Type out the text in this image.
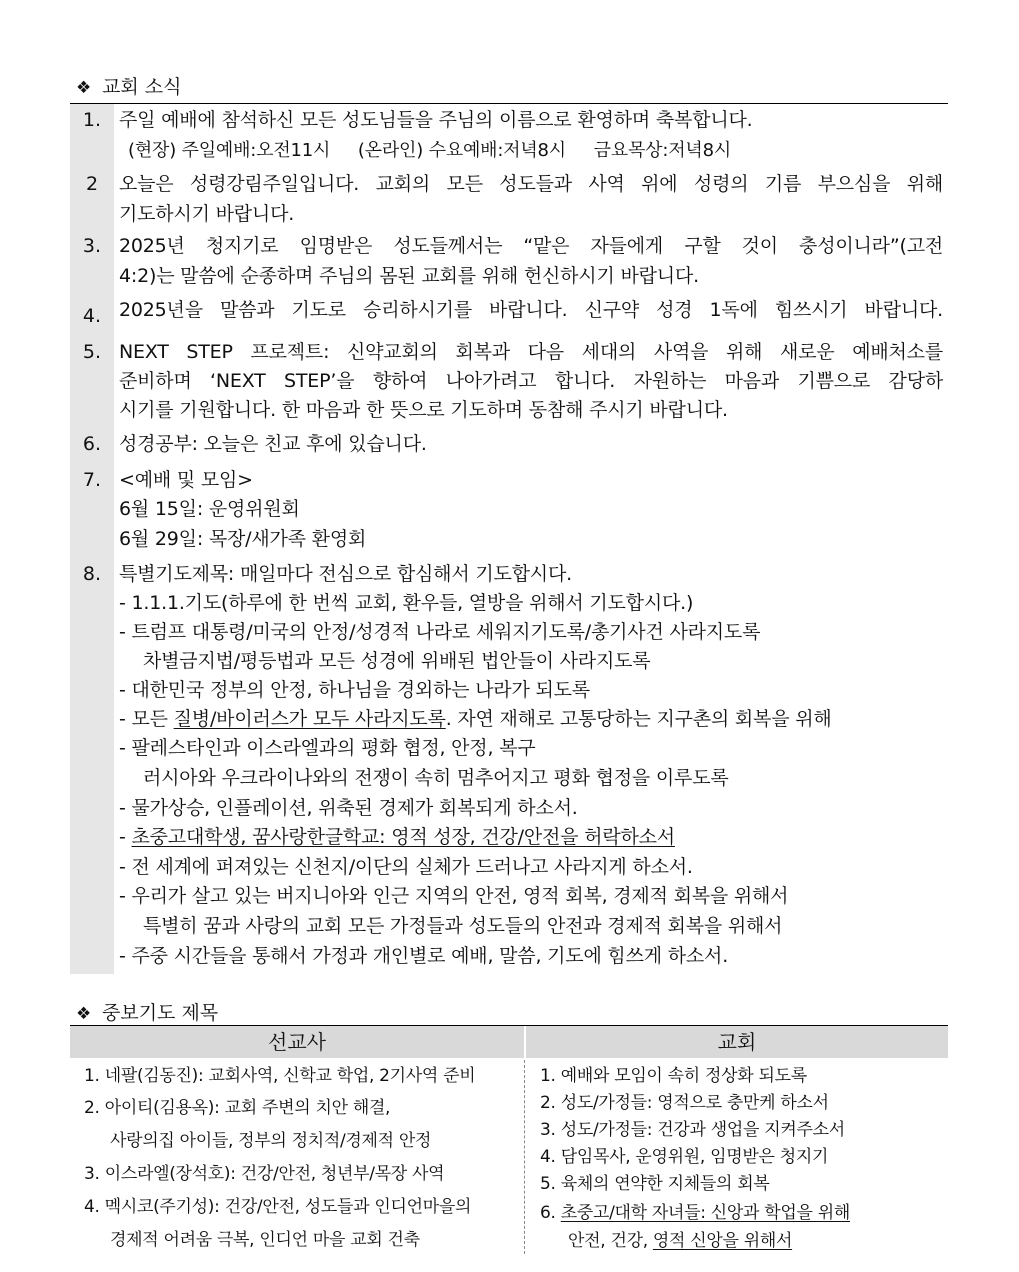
❖ 교회 소식
1.
2
3.
4.
5.
6.
7.
8.
주일 예배에 참석하신 모든 성도님들을 주님의 이름으로 환영하며 축복합니다.
(현장) 주일예배:오전11시     (온라인) 수요예배:저녁8시     금요목상:저녁8시
오늘은 성령강림주일입니다. 교회의 모든 성도들과 사역 위에 성령의 기름 부으심을 위해
기도하시기 바랍니다.
2025년 청지기로 임명받은 성도들께서는 “맡은 자들에게 구할 것이 충성이니라”(고전
4:2)는 말씀에 순종하며 주님의 몸된 교회를 위해 헌신하시기 바랍니다.
2025년을 말씀과 기도로 승리하시기를 바랍니다. 신구약 성경 1독에 힘쓰시기 바랍니다.
NEXT STEP 프로젝트: 신약교회의 회복과 다음 세대의 사역을 위해 새로운 예배처소를
준비하며 ‘NEXT STEP’을 향하여 나아가려고 합니다. 자원하는 마음과 기쁨으로 감당하
시기를 기원합니다. 한 마음과 한 뜻으로 기도하며 동참해 주시기 바랍니다.
성경공부: 오늘은 친교 후에 있습니다.
<예배 및 모임>
6월 15일: 운영위원회
6월 29일: 목장/새가족 환영회
특별기도제목: 매일마다 전심으로 합심해서 기도합시다.
- 1.1.1.기도(하루에 한 번씩 교회, 환우들, 열방을 위해서 기도합시다.)
- 트럼프 대통령/미국의 안정/성경적 나라로 세워지기도록/총기사건 사라지도록
차별금지법/평등법과 모든 성경에 위배된 법안들이 사라지도록
- 대한민국 정부의 안정, 하나님을 경외하는 나라가 되도록
- 모든 질병/바이러스가 모두 사라지도록. 자연 재해로 고통당하는 지구촌의 회복을 위해
- 팔레스타인과 이스라엘과의 평화 협정, 안정, 복구
러시아와 우크라이나와의 전쟁이 속히 멈추어지고 평화 협정을 이루도록
- 물가상승, 인플레이션, 위축된 경제가 회복되게 하소서.
- 초중고대학생, 꿈사랑한글학교: 영적 성장, 건강/안전을 허락하소서
- 전 세계에 퍼져있는 신천지/이단의 실체가 드러나고 사라지게 하소서.
- 우리가 살고 있는 버지니아와 인근 지역의 안전, 영적 회복, 경제적 회복을 위해서
특별히 꿈과 사랑의 교회 모든 가정들과 성도들의 안전과 경제적 회복을 위해서
- 주중 시간들을 통해서 가정과 개인별로 예배, 말씀, 기도에 힘쓰게 하소서.
❖ 중보기도 제목
선교사	교회
1. 네팔(김동진): 교회사역, 신학교 학업, 2기사역 준비
2. 아이티(김용옥): 교회 주변의 치안 해결,
사랑의집 아이들, 정부의 정치적/경제적 안정
3. 이스라엘(장석호): 건강/안전, 청년부/목장 사역
4. 멕시코(주기성): 건강/안전, 성도들과 인디언마을의
경제적 어려움 극복, 인디언 마을 교회 건축
1. 예배와 모임이 속히 정상화 되도록
2. 성도/가정들: 영적으로 충만케 하소서
3. 성도/가정들: 건강과 생업을 지켜주소서
4. 담임목사, 운영위원, 임명받은 청지기
5. 육체의 연약한 지체들의 회복
6. 초중고/대학 자녀들: 신앙과 학업을 위해
안전, 건강, 영적 신앙을 위해서
